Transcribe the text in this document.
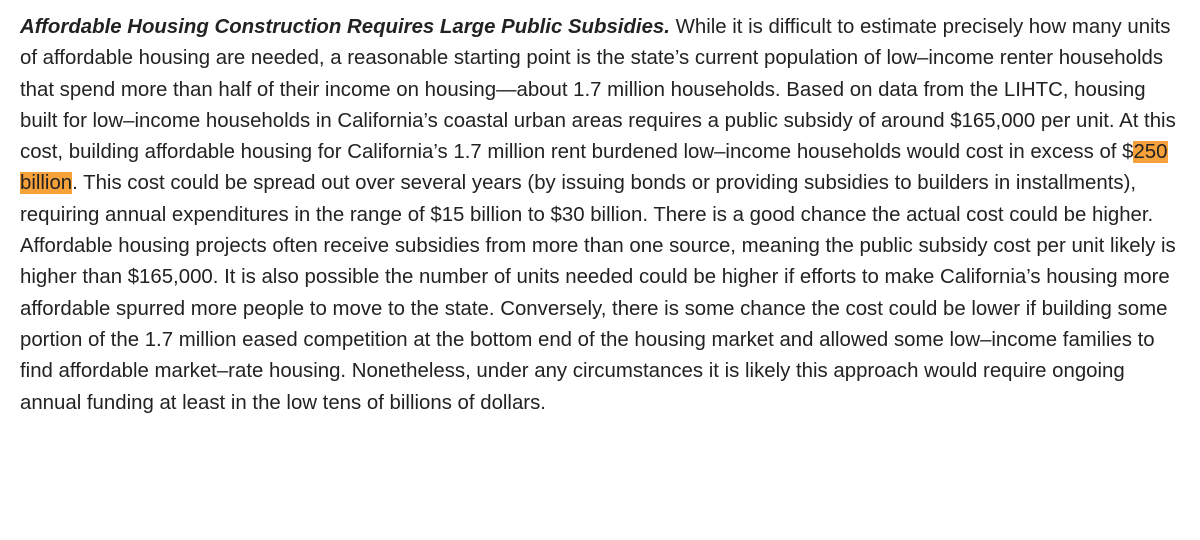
Affordable Housing Construction Requires Large Public Subsidies. While it is difficult to estimate precisely how many units of affordable housing are needed, a reasonable starting point is the state’s current population of low–income renter households that spend more than half of their income on housing—about 1.7 million households. Based on data from the LIHTC, housing built for low–income households in California’s coastal urban areas requires a public subsidy of around $165,000 per unit. At this cost, building affordable housing for California’s 1.7 million rent burdened low–income households would cost in excess of $250 billion. This cost could be spread out over several years (by issuing bonds or providing subsidies to builders in installments), requiring annual expenditures in the range of $15 billion to $30 billion. There is a good chance the actual cost could be higher. Affordable housing projects often receive subsidies from more than one source, meaning the public subsidy cost per unit likely is higher than $165,000. It is also possible the number of units needed could be higher if efforts to make California’s housing more affordable spurred more people to move to the state. Conversely, there is some chance the cost could be lower if building some portion of the 1.7 million eased competition at the bottom end of the housing market and allowed some low–income families to find affordable market–rate housing. Nonetheless, under any circumstances it is likely this approach would require ongoing annual funding at least in the low tens of billions of dollars.
